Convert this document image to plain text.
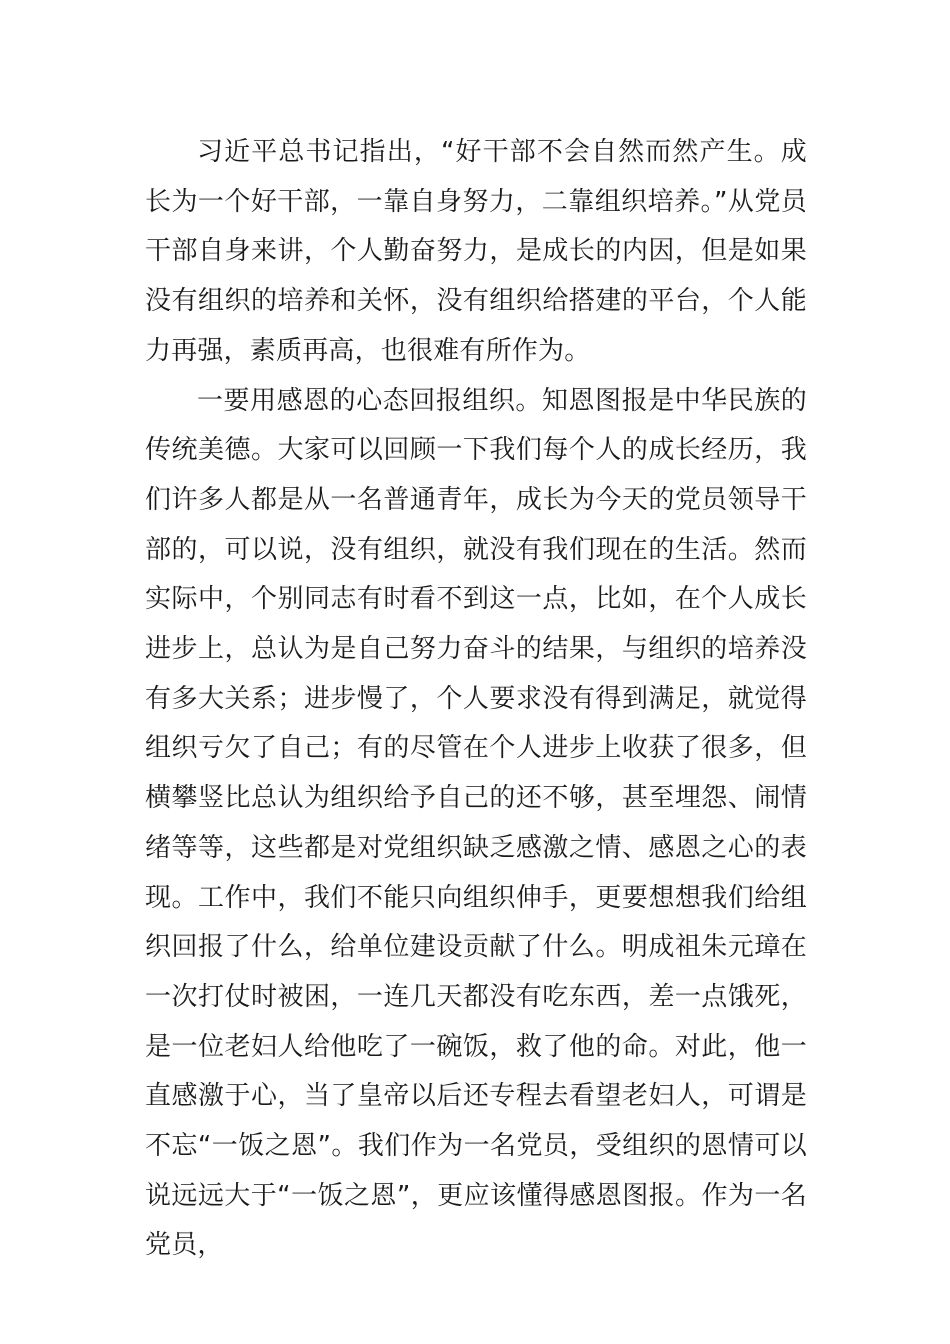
习近平总书记指出，“好干部不会自然而然产生。成长为一个好干部，一靠自身努力，二靠组织培养。”从党员干部自身来讲，个人勤奋努力，是成长的内因，但是如果没有组织的培养和关怀，没有组织给搭建的平台，个人能力再强，素质再高，也很难有所作为。

一要用感恩的心态回报组织。知恩图报是中华民族的传统美德。大家可以回顾一下我们每个人的成长经历，我们许多人都是从一名普通青年，成长为今天的党员领导干部的，可以说，没有组织，就没有我们现在的生活。然而实际中，个别同志有时看不到这一点，比如，在个人成长进步上，总认为是自己努力奋斗的结果，与组织的培养没有多大关系；进步慢了，个人要求没有得到满足，就觉得组织亏欠了自己；有的尽管在个人进步上收获了很多，但横攀竖比总认为组织给予自己的还不够，甚至埋怨、闹情绪等等，这些都是对党组织缺乏感激之情、感恩之心的表现。工作中，我们不能只向组织伸手，更要想想我们给组织回报了什么，给单位建设贡献了什么。明成祖朱元璋在一次打仗时被困，一连几天都没有吃东西，差一点饿死，是一位老妇人给他吃了一碗饭，救了他的命。对此，他一直感激于心，当了皇帝以后还专程去看望老妇人，可谓是不忘“一饭之恩”。我们作为一名党员，受组织的恩情可以说远远大于“一饭之恩”，更应该懂得感恩图报。作为一名党员，
